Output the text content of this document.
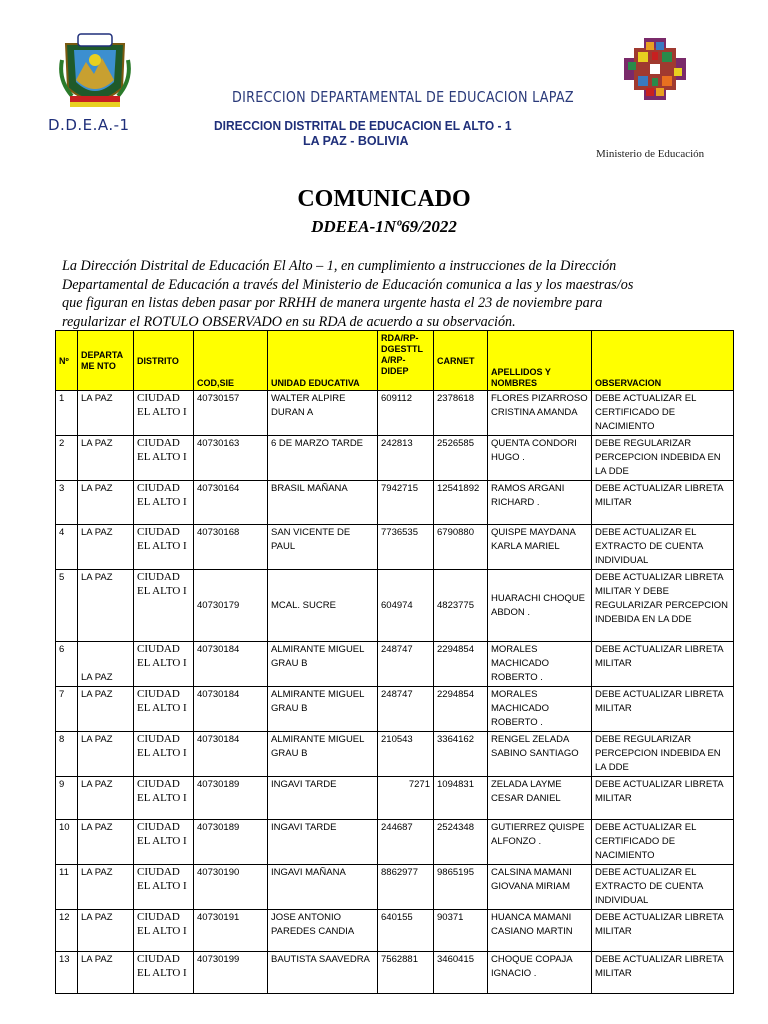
D.D.E.A.-1
DIRECCION DEPARTAMENTAL DE EDUCACION LAPAZ
DIRECCION DISTRITAL DE EDUCACION EL ALTO - 1
LA PAZ - BOLIVIA
Ministerio de Educación
COMUNICADO
DDEEA-1Nº69/2022
La Dirección Distrital de Educación El Alto – 1, en cumplimiento a instrucciones de la Dirección
Departamental de Educación a través del Ministerio de Educación comunica a las y los maestras/os
que figuran en listas deben pasar por RRHH de manera urgente hasta el 23 de noviembre para
regularizar el ROTULO OBSERVADO en su RDA de acuerdo a su observación.
Nº	DEPARTA ME NTO	DISTRITO	COD,SIE	UNIDAD EDUCATIVA	RDA/RP-DGESTTL A/RP-DIDEP	CARNET	APELLIDOS Y NOMBRES	OBSERVACION
1	LA PAZ	CIUDAD EL ALTO I	40730157	WALTER ALPIRE DURAN A	609112	2378618	FLORES PIZARROSO CRISTINA AMANDA	DEBE ACTUALIZAR EL CERTIFICADO DE NACIMIENTO
2	LA PAZ	CIUDAD EL ALTO I	40730163	6 DE MARZO TARDE	242813	2526585	QUENTA CONDORI HUGO .	DEBE REGULARIZAR PERCEPCION INDEBIDA EN LA DDE
3	LA PAZ	CIUDAD EL ALTO I	40730164	BRASIL MAÑANA	7942715	12541892	RAMOS ARGANI RICHARD .	DEBE ACTUALIZAR LIBRETA MILITAR
4	LA PAZ	CIUDAD EL ALTO I	40730168	SAN VICENTE DE PAUL	7736535	6790880	QUISPE MAYDANA KARLA MARIEL	DEBE ACTUALIZAR EL EXTRACTO DE CUENTA INDIVIDUAL
5	LA PAZ	CIUDAD EL ALTO I	40730179	MCAL. SUCRE	604974	4823775	HUARACHI CHOQUE ABDON .	DEBE ACTUALIZAR LIBRETA MILITAR Y DEBE REGULARIZAR PERCEPCION INDEBIDA EN LA DDE
6	LA PAZ	CIUDAD EL ALTO I	40730184	ALMIRANTE MIGUEL GRAU B	248747	2294854	MORALES MACHICADO ROBERTO .	DEBE ACTUALIZAR LIBRETA MILITAR
7	LA PAZ	CIUDAD EL ALTO I	40730184	ALMIRANTE MIGUEL GRAU B	248747	2294854	MORALES MACHICADO ROBERTO .	DEBE ACTUALIZAR LIBRETA MILITAR
8	LA PAZ	CIUDAD EL ALTO I	40730184	ALMIRANTE MIGUEL GRAU B	210543	3364162	RENGEL ZELADA SABINO SANTIAGO	DEBE REGULARIZAR PERCEPCION INDEBIDA EN LA DDE
9	LA PAZ	CIUDAD EL ALTO I	40730189	INGAVI TARDE	7271	1094831	ZELADA LAYME CESAR DANIEL	DEBE ACTUALIZAR LIBRETA MILITAR
10	LA PAZ	CIUDAD EL ALTO I	40730189	INGAVI TARDE	244687	2524348	GUTIERREZ QUISPE ALFONZO .	DEBE ACTUALIZAR EL CERTIFICADO DE NACIMIENTO
11	LA PAZ	CIUDAD EL ALTO I	40730190	INGAVI MAÑANA	8862977	9865195	CALSINA MAMANI GIOVANA MIRIAM	DEBE ACTUALIZAR EL EXTRACTO DE CUENTA INDIVIDUAL
12	LA PAZ	CIUDAD EL ALTO I	40730191	JOSE ANTONIO PAREDES CANDIA	640155	90371	HUANCA MAMANI CASIANO MARTIN	DEBE ACTUALIZAR LIBRETA MILITAR
13	LA PAZ	CIUDAD EL ALTO I	40730199	BAUTISTA SAAVEDRA	7562881	3460415	CHOQUE COPAJA IGNACIO .	DEBE ACTUALIZAR LIBRETA MILITAR
